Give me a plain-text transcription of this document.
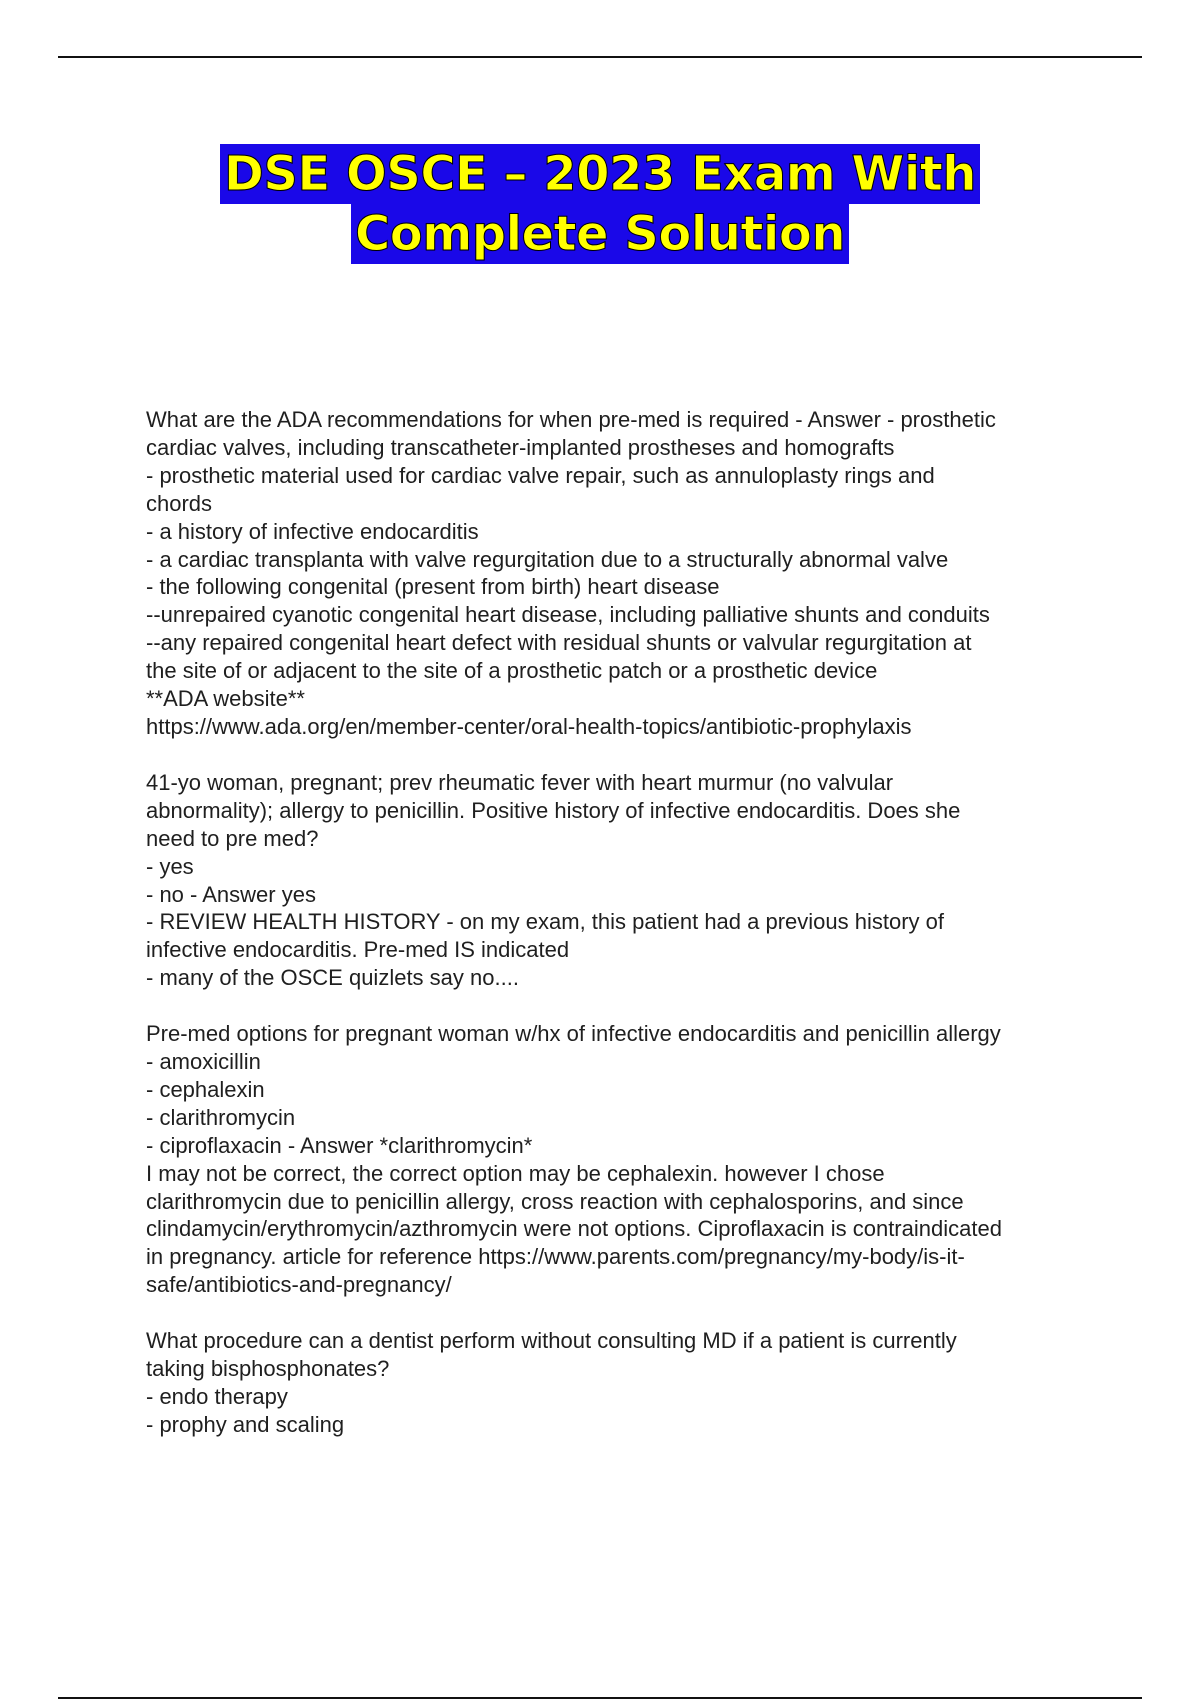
DSE OSCE – 2023 Exam With
Complete Solution
What are the ADA recommendations for when pre-med is required - Answer - prosthetic
cardiac valves, including transcatheter-implanted prostheses and homografts
- prosthetic material used for cardiac valve repair, such as annuloplasty rings and
chords
- a history of infective endocarditis
- a cardiac transplanta with valve regurgitation due to a structurally abnormal valve
- the following congenital (present from birth) heart disease
--unrepaired cyanotic congenital heart disease, including palliative shunts and conduits
--any repaired congenital heart defect with residual shunts or valvular regurgitation at
the site of or adjacent to the site of a prosthetic patch or a prosthetic device
**ADA website**
https://www.ada.org/en/member-center/oral-health-topics/antibiotic-prophylaxis
41-yo woman, pregnant; prev rheumatic fever with heart murmur (no valvular
abnormality); allergy to penicillin. Positive history of infective endocarditis. Does she
need to pre med?
- yes
- no - Answer yes
- REVIEW HEALTH HISTORY - on my exam, this patient had a previous history of
infective endocarditis. Pre-med IS indicated
- many of the OSCE quizlets say no....
Pre-med options for pregnant woman w/hx of infective endocarditis and penicillin allergy
- amoxicillin
- cephalexin
- clarithromycin
- ciproflaxacin - Answer *clarithromycin*
I may not be correct, the correct option may be cephalexin. however I chose
clarithromycin due to penicillin allergy, cross reaction with cephalosporins, and since
clindamycin/erythromycin/azthromycin were not options. Ciproflaxacin is contraindicated
in pregnancy. article for reference https://www.parents.com/pregnancy/my-body/is-it-
safe/antibiotics-and-pregnancy/
What procedure can a dentist perform without consulting MD if a patient is currently
taking bisphosphonates?
- endo therapy
- prophy and scaling
